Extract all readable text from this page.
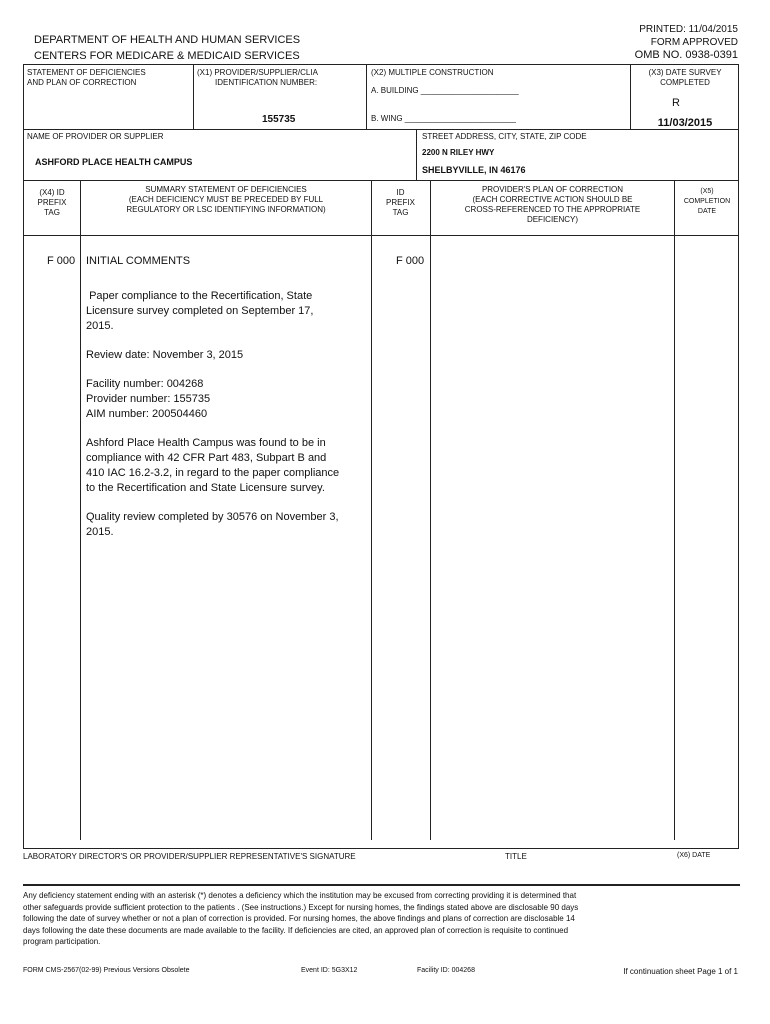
PRINTED: 11/04/2015
FORM APPROVED
OMB NO. 0938-0391
DEPARTMENT OF HEALTH AND HUMAN SERVICES
CENTERS FOR MEDICARE & MEDICAID SERVICES
STATEMENT OF DEFICIENCIES
AND PLAN OF CORRECTION
(X1) PROVIDER/SUPPLIER/CLIA
IDENTIFICATION NUMBER:
155735
(X2) MULTIPLE CONSTRUCTION
A. BUILDING ______________________
B. WING _________________________
(X3) DATE SURVEY
COMPLETED
R
11/03/2015
NAME OF PROVIDER OR SUPPLIER
ASHFORD PLACE HEALTH CAMPUS
STREET ADDRESS, CITY, STATE, ZIP CODE
2200 N RILEY HWY
SHELBYVILLE, IN 46176
(X4) ID
PREFIX
TAG
SUMMARY STATEMENT OF DEFICIENCIES
(EACH DEFICIENCY MUST BE PRECEDED BY FULL
REGULATORY OR LSC IDENTIFYING INFORMATION)
ID
PREFIX
TAG
PROVIDER'S PLAN OF CORRECTION
(EACH CORRECTIVE ACTION SHOULD BE
CROSS-REFERENCED TO THE APPROPRIATE
DEFICIENCY)
(X5)
COMPLETION
DATE
F 000	F 000
INITIAL COMMENTS

Paper compliance to the Recertification, State Licensure survey completed on September 17, 2015.

Review date: November 3, 2015

Facility number: 004268
Provider number: 155735
AIM number: 200504460

Ashford Place Health Campus was found to be in compliance with 42 CFR Part 483, Subpart B and 410 IAC 16.2-3.2, in regard to the paper compliance to the Recertification and State Licensure survey.

Quality review completed by 30576 on November 3, 2015.

LABORATORY DIRECTOR'S OR PROVIDER/SUPPLIER REPRESENTATIVE'S SIGNATURE	TITLE	(X6) DATE
Any deficiency statement ending with an asterisk (*) denotes a deficiency which the institution may be excused from correcting providing it is determined that
other safeguards provide sufficient protection to the patients . (See instructions.) Except for nursing homes, the findings stated above are disclosable 90 days
following the date of survey whether or not a plan of correction is provided. For nursing homes, the above findings and plans of correction are disclosable 14
days following the date these documents are made available to the facility. If deficiencies are cited, an approved plan of correction is requisite to continued
program participation.
FORM CMS-2567(02-99) Previous Versions Obsolete	Event ID: 5G3X12	Facility ID: 004268	If continuation sheet Page 1 of 1
